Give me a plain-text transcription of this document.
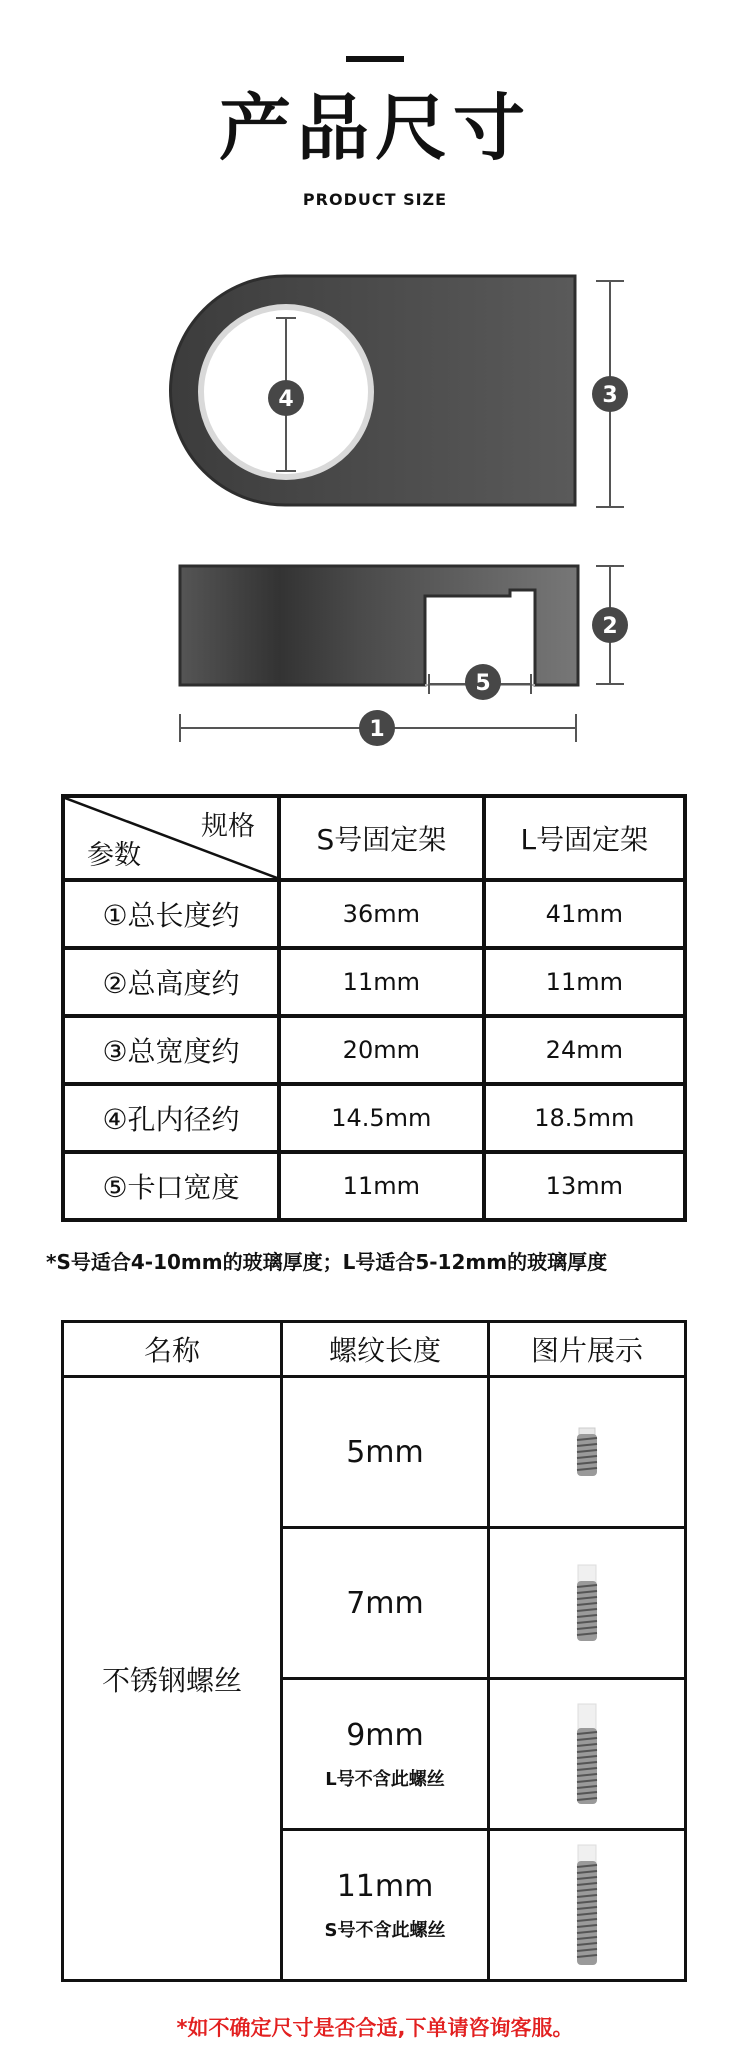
产品尺寸
PRODUCT SIZE
4	3
2
5
1
规格
参数	S号固定架	L号固定架
①总长度约	36mm	41mm
②总高度约	11mm	11mm
③总宽度约	20mm	24mm
④孔内径约	14.5mm	18.5mm
⑤卡口宽度	11mm	13mm
*S号适合4-10mm的玻璃厚度；L号适合5-12mm的玻璃厚度
名称	螺纹长度	图片展示
不锈钢螺丝	5mm

	7mm

	9mm
L号不含此螺丝

	11mm
S号不含此螺丝

*如不确定尺寸是否合适,下单请咨询客服。
